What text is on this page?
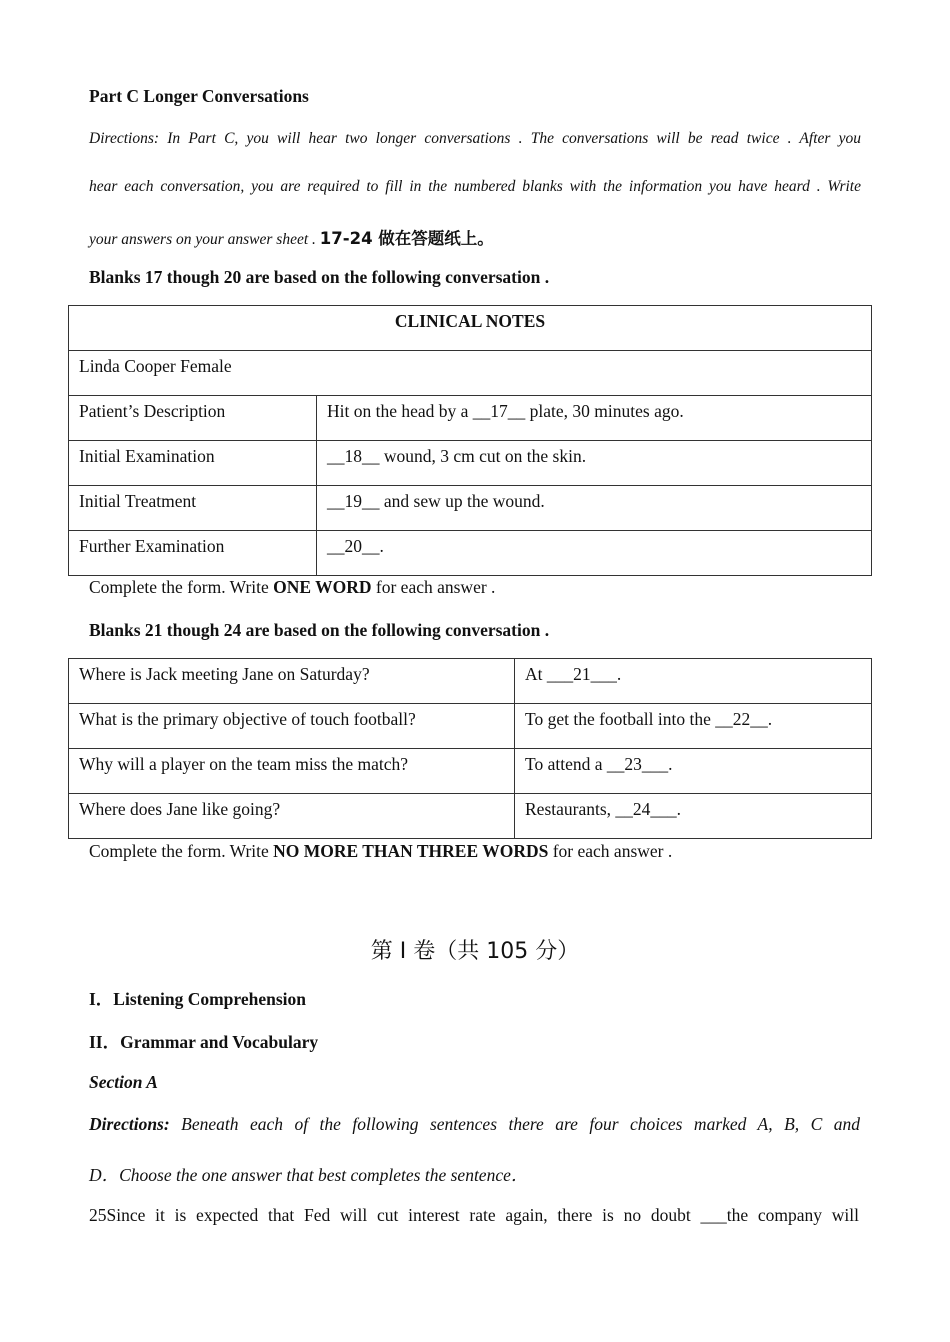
Part C Longer Conversations
Directions: In Part C, you will hear two longer conversations . The conversations will be read twice . After you
hear each conversation, you are required to fill in the numbered blanks with the information you have heard . Write
your answers on your answer sheet . 17-24 做在答题纸上。
Blanks 17 though 20 are based on the following conversation .
CLINICAL NOTES	
Linda Cooper Female	
Patient’s Description	Hit on the head by a __17__ plate, 30 minutes ago.
Initial Examination	__18__ wound, 3 cm cut on the skin.
Initial Treatment	__19__ and sew up the wound.
Further Examination	__20__.
Complete the form. Write ONE WORD for each answer .
Blanks 21 though 24 are based on the following conversation .
Where is Jack meeting Jane on Saturday?	At ___21___.
What is the primary objective of touch football?	To get the football into the __22__.
Why will a player on the team miss the match?	To attend a __23___.
Where does Jane like going?	Restaurants, __24___.
Complete the form. Write NO MORE THAN THREE WORDS for each answer .
第 I 卷（共 105 分）
I．Listening Comprehension
II．Grammar and Vocabulary
Section A
Directions: Beneath each of the following sentences there are four choices marked A, B, C and
D．Choose the one answer that best completes the sentence．
25Since it is expected that Fed will cut interest rate again, there is no doubt ___the company will
